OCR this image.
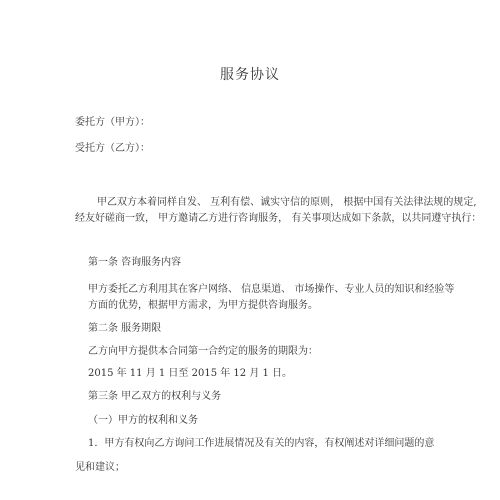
服务协议
委托方（甲方）：
受托方（乙方）：
甲乙双方本着同样自发、 互利有偿、诚实守信的原则， 根据中国有关法律法规的规定,
经友好磋商一致， 甲方邀请乙方进行咨询服务， 有关事项达成如下条款，以共同遵守执行：
第一条 咨询服务内容
甲方委托乙方利用其在客户网络、 信息渠道、 市场操作、专业人员的知识和经验等
方面的优势，根据甲方需求，为甲方提供咨询服务。
第二条 服务期限
乙方向甲方提供本合同第一合约定的服务的期限为：
2015 年 11 月 1 日至 2015 年 12 月 1 日。
第三条 甲乙双方的权利与义务
（一）甲方的权利和义务
1．甲方有权向乙方询问工作进展情况及有关的内容，有权阐述对详细问题的意
见和建议；
